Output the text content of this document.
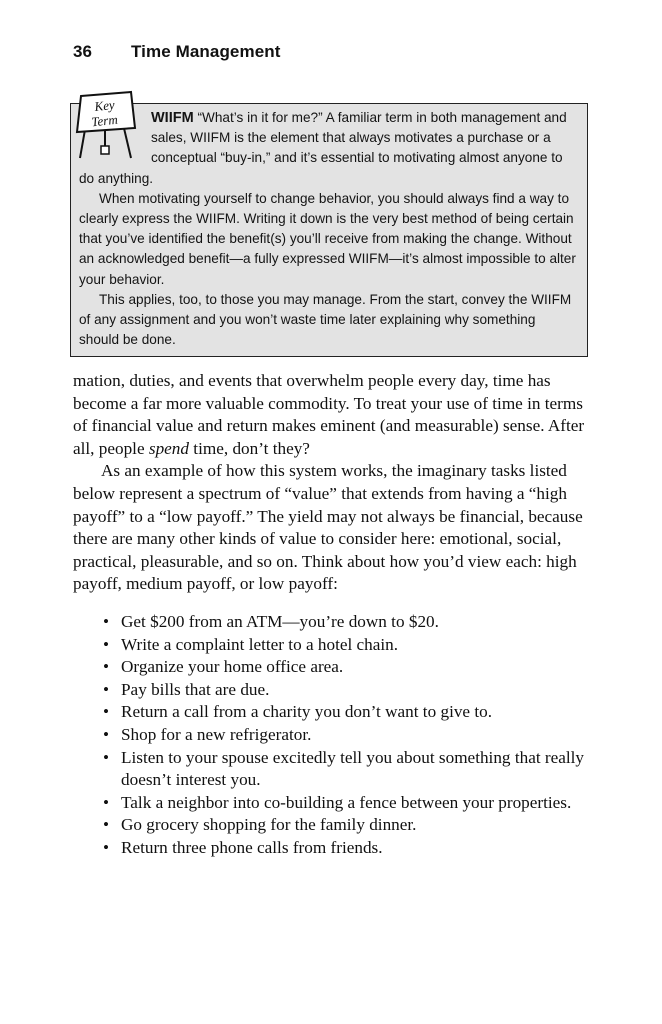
36 Time Management
Key
Term	WIIFM “What’s in it for me?” A familiar term in both management and sales, WIIFM is the element that always motivates a purchase or a conceptual “buy-in,” and it’s essential to motivating almost anyone to do anything.

When motivating yourself to change behavior, you should always find a way to clearly express the WIIFM. Writing it down is the very best method of being certain that you’ve identified the benefit(s) you’ll receive from making the change. Without an acknowledged benefit—a fully expressed WIIFM—it’s almost impossible to alter your behavior.

This applies, too, to those you may manage. From the start, convey the WIIFM of any assignment and you won’t waste time later explaining why something should be done.

mation, duties, and events that overwhelm people every day, time has become a far more valuable commodity. To treat your use of time in terms of financial value and return makes eminent (and measurable) sense. After all, people spend time, don’t they?

As an example of how this system works, the imaginary tasks listed below represent a spectrum of “value” that extends from having a “high payoff” to a “low payoff.” The yield may not always be financial, because there are many other kinds of value to consider here: emotional, social, practical, pleasurable, and so on. Think about how you’d view each: high payoff, medium payoff, or low payoff:

• Get $200 from an ATM—you’re down to $20.
• Write a complaint letter to a hotel chain.
• Organize your home office area.
• Pay bills that are due.
• Return a call from a charity you don’t want to give to.
• Shop for a new refrigerator.
• Listen to your spouse excitedly tell you about something that really doesn’t interest you.
• Talk a neighbor into co-building a fence between your properties.
• Go grocery shopping for the family dinner.
• Return three phone calls from friends.
